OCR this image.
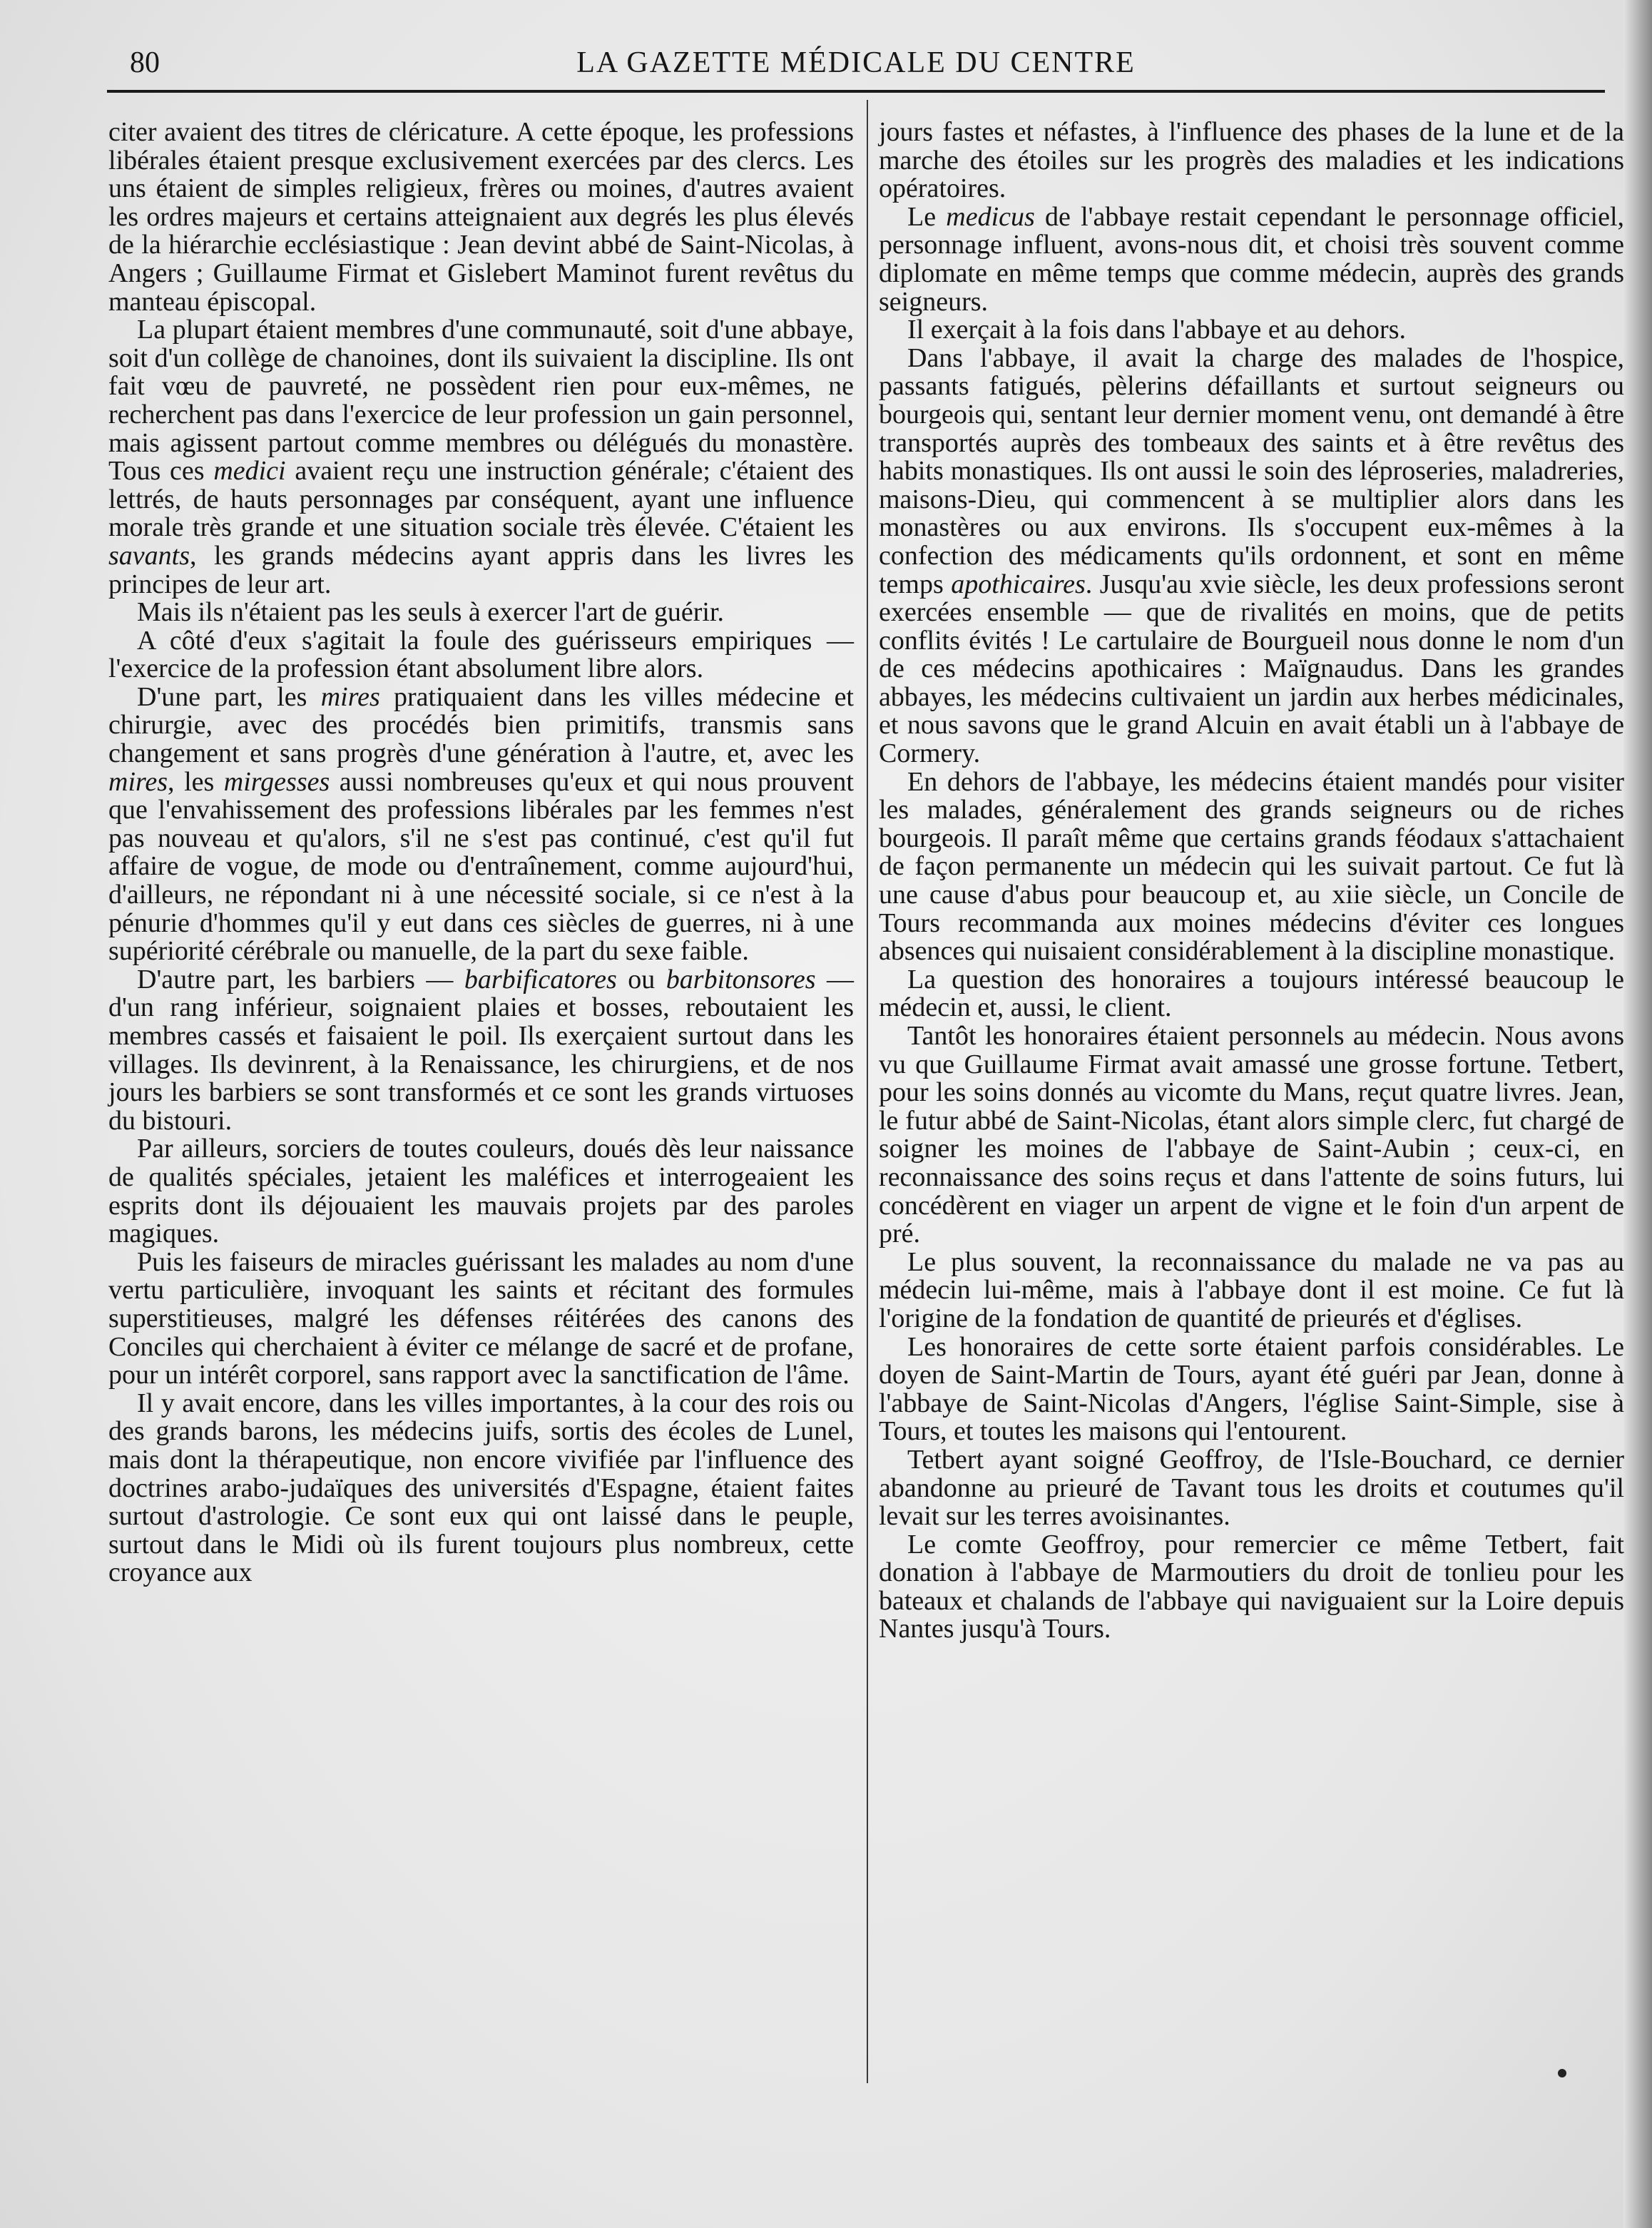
80	LA GAZETTE MÉDICALE DU CENTRE

citer avaient des titres de cléricature. A cette époque, les professions libérales étaient presque exclusivement exercées par des clercs. Les uns étaient de simples religieux, frères ou moines, d'autres avaient les ordres majeurs et certains atteignaient aux degrés les plus élevés de la hiérarchie ecclésiastique : Jean devint abbé de Saint-Nicolas, à Angers ; Guillaume Firmat et Gislebert Maminot furent revêtus du manteau épiscopal.

La plupart étaient membres d'une communauté, soit d'une abbaye, soit d'un collège de chanoines, dont ils suivaient la discipline. Ils ont fait vœu de pauvreté, ne possèdent rien pour eux-mêmes, ne recherchent pas dans l'exercice de leur profession un gain personnel, mais agissent partout comme membres ou délégués du monastère. Tous ces medici avaient reçu une instruction générale; c'étaient des lettrés, de hauts personnages par conséquent, ayant une influence morale très grande et une situation sociale très élevée. C'étaient les savants, les grands médecins ayant appris dans les livres les principes de leur art.

Mais ils n'étaient pas les seuls à exercer l'art de guérir.

A côté d'eux s'agitait la foule des guérisseurs empiriques — l'exercice de la profession étant absolument libre alors.

D'une part, les mires pratiquaient dans les villes médecine et chirurgie, avec des procédés bien primitifs, transmis sans changement et sans progrès d'une génération à l'autre, et, avec les mires, les mirgesses aussi nombreuses qu'eux et qui nous prouvent que l'envahissement des professions libérales par les femmes n'est pas nouveau et qu'alors, s'il ne s'est pas continué, c'est qu'il fut affaire de vogue, de mode ou d'entraînement, comme aujourd'hui, d'ailleurs, ne répondant ni à une nécessité sociale, si ce n'est à la pénurie d'hommes qu'il y eut dans ces siècles de guerres, ni à une supériorité cérébrale ou manuelle, de la part du sexe faible.

D'autre part, les barbiers — barbificatores ou barbitonsores — d'un rang inférieur, soignaient plaies et bosses, reboutaient les membres cassés et faisaient le poil. Ils exerçaient surtout dans les villages. Ils devinrent, à la Renaissance, les chirurgiens, et de nos jours les barbiers se sont transformés et ce sont les grands virtuoses du bistouri.

Par ailleurs, sorciers de toutes couleurs, doués dès leur naissance de qualités spéciales, jetaient les maléfices et interrogeaient les esprits dont ils déjouaient les mauvais projets par des paroles magiques.

Puis les faiseurs de miracles guérissant les malades au nom d'une vertu particulière, invoquant les saints et récitant des formules superstitieuses, malgré les défenses réitérées des canons des Conciles qui cherchaient à éviter ce mélange de sacré et de profane, pour un intérêt corporel, sans rapport avec la sanctification de l'âme.

Il y avait encore, dans les villes importantes, à la cour des rois ou des grands barons, les médecins juifs, sortis des écoles de Lunel, mais dont la thérapeutique, non encore vivifiée par l'influence des doctrines arabo-judaïques des universités d'Espagne, étaient faites surtout d'astrologie. Ce sont eux qui ont laissé dans le peuple, surtout dans le Midi où ils furent toujours plus nombreux, cette croyance aux

jours fastes et néfastes, à l'influence des phases de la lune et de la marche des étoiles sur les progrès des maladies et les indications opératoires.

Le medicus de l'abbaye restait cependant le personnage officiel, personnage influent, avons-nous dit, et choisi très souvent comme diplomate en même temps que comme médecin, auprès des grands seigneurs.

Il exerçait à la fois dans l'abbaye et au dehors.

Dans l'abbaye, il avait la charge des malades de l'hospice, passants fatigués, pèlerins défaillants et surtout seigneurs ou bourgeois qui, sentant leur dernier moment venu, ont demandé à être transportés auprès des tombeaux des saints et à être revêtus des habits monastiques. Ils ont aussi le soin des léproseries, maladreries, maisons-Dieu, qui commencent à se multiplier alors dans les monastères ou aux environs. Ils s'occupent eux-mêmes à la confection des médicaments qu'ils ordonnent, et sont en même temps apothicaires. Jusqu'au xvie siècle, les deux professions seront exercées ensemble — que de rivalités en moins, que de petits conflits évités ! Le cartulaire de Bourgueil nous donne le nom d'un de ces médecins apothicaires : Maïgnaudus. Dans les grandes abbayes, les médecins cultivaient un jardin aux herbes médicinales, et nous savons que le grand Alcuin en avait établi un à l'abbaye de Cormery.

En dehors de l'abbaye, les médecins étaient mandés pour visiter les malades, généralement des grands seigneurs ou de riches bourgeois. Il paraît même que certains grands féodaux s'attachaient de façon permanente un médecin qui les suivait partout. Ce fut là une cause d'abus pour beaucoup et, au xiie siècle, un Concile de Tours recommanda aux moines médecins d'éviter ces longues absences qui nuisaient considérablement à la discipline monastique.

La question des honoraires a toujours intéressé beaucoup le médecin et, aussi, le client.

Tantôt les honoraires étaient personnels au médecin. Nous avons vu que Guillaume Firmat avait amassé une grosse fortune. Tetbert, pour les soins donnés au vicomte du Mans, reçut quatre livres. Jean, le futur abbé de Saint-Nicolas, étant alors simple clerc, fut chargé de soigner les moines de l'abbaye de Saint-Aubin ; ceux-ci, en reconnaissance des soins reçus et dans l'attente de soins futurs, lui concédèrent en viager un arpent de vigne et le foin d'un arpent de pré.

Le plus souvent, la reconnaissance du malade ne va pas au médecin lui-même, mais à l'abbaye dont il est moine. Ce fut là l'origine de la fondation de quantité de prieurés et d'églises.

Les honoraires de cette sorte étaient parfois considérables. Le doyen de Saint-Martin de Tours, ayant été guéri par Jean, donne à l'abbaye de Saint-Nicolas d'Angers, l'église Saint-Simple, sise à Tours, et toutes les maisons qui l'entourent.

Tetbert ayant soigné Geoffroy, de l'Isle-Bouchard, ce dernier abandonne au prieuré de Tavant tous les droits et coutumes qu'il levait sur les terres avoisinantes.

Le comte Geoffroy, pour remercier ce même Tetbert, fait donation à l'abbaye de Marmoutiers du droit de tonlieu pour les bateaux et chalands de l'abbaye qui naviguaient sur la Loire depuis Nantes jusqu'à Tours.
